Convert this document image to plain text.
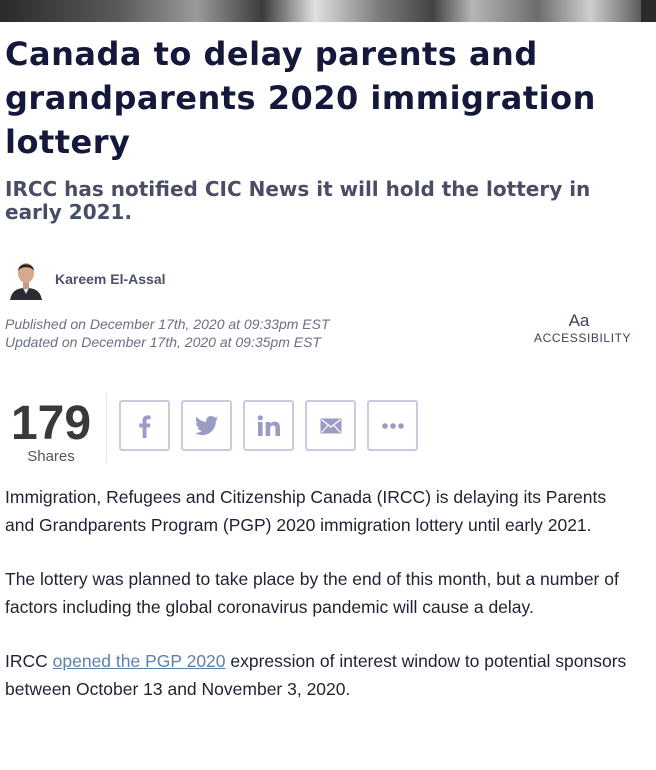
Canada to delay parents and grandparents 2020 immigration lottery
IRCC has notified CIC News it will hold the lottery in early 2021.
Kareem El-Assal
Published on December 17th, 2020 at 09:33pm EST
Updated on December 17th, 2020 at 09:35pm EST
Aa
ACCESSIBILITY
179
Shares

Immigration, Refugees and Citizenship Canada (IRCC) is delaying its Parents and Grandparents Program (PGP) 2020 immigration lottery until early 2021.

The lottery was planned to take place by the end of this month, but a number of factors including the global coronavirus pandemic will cause a delay.

IRCC opened the PGP 2020 expression of interest window to potential sponsors between October 13 and November 3, 2020.
